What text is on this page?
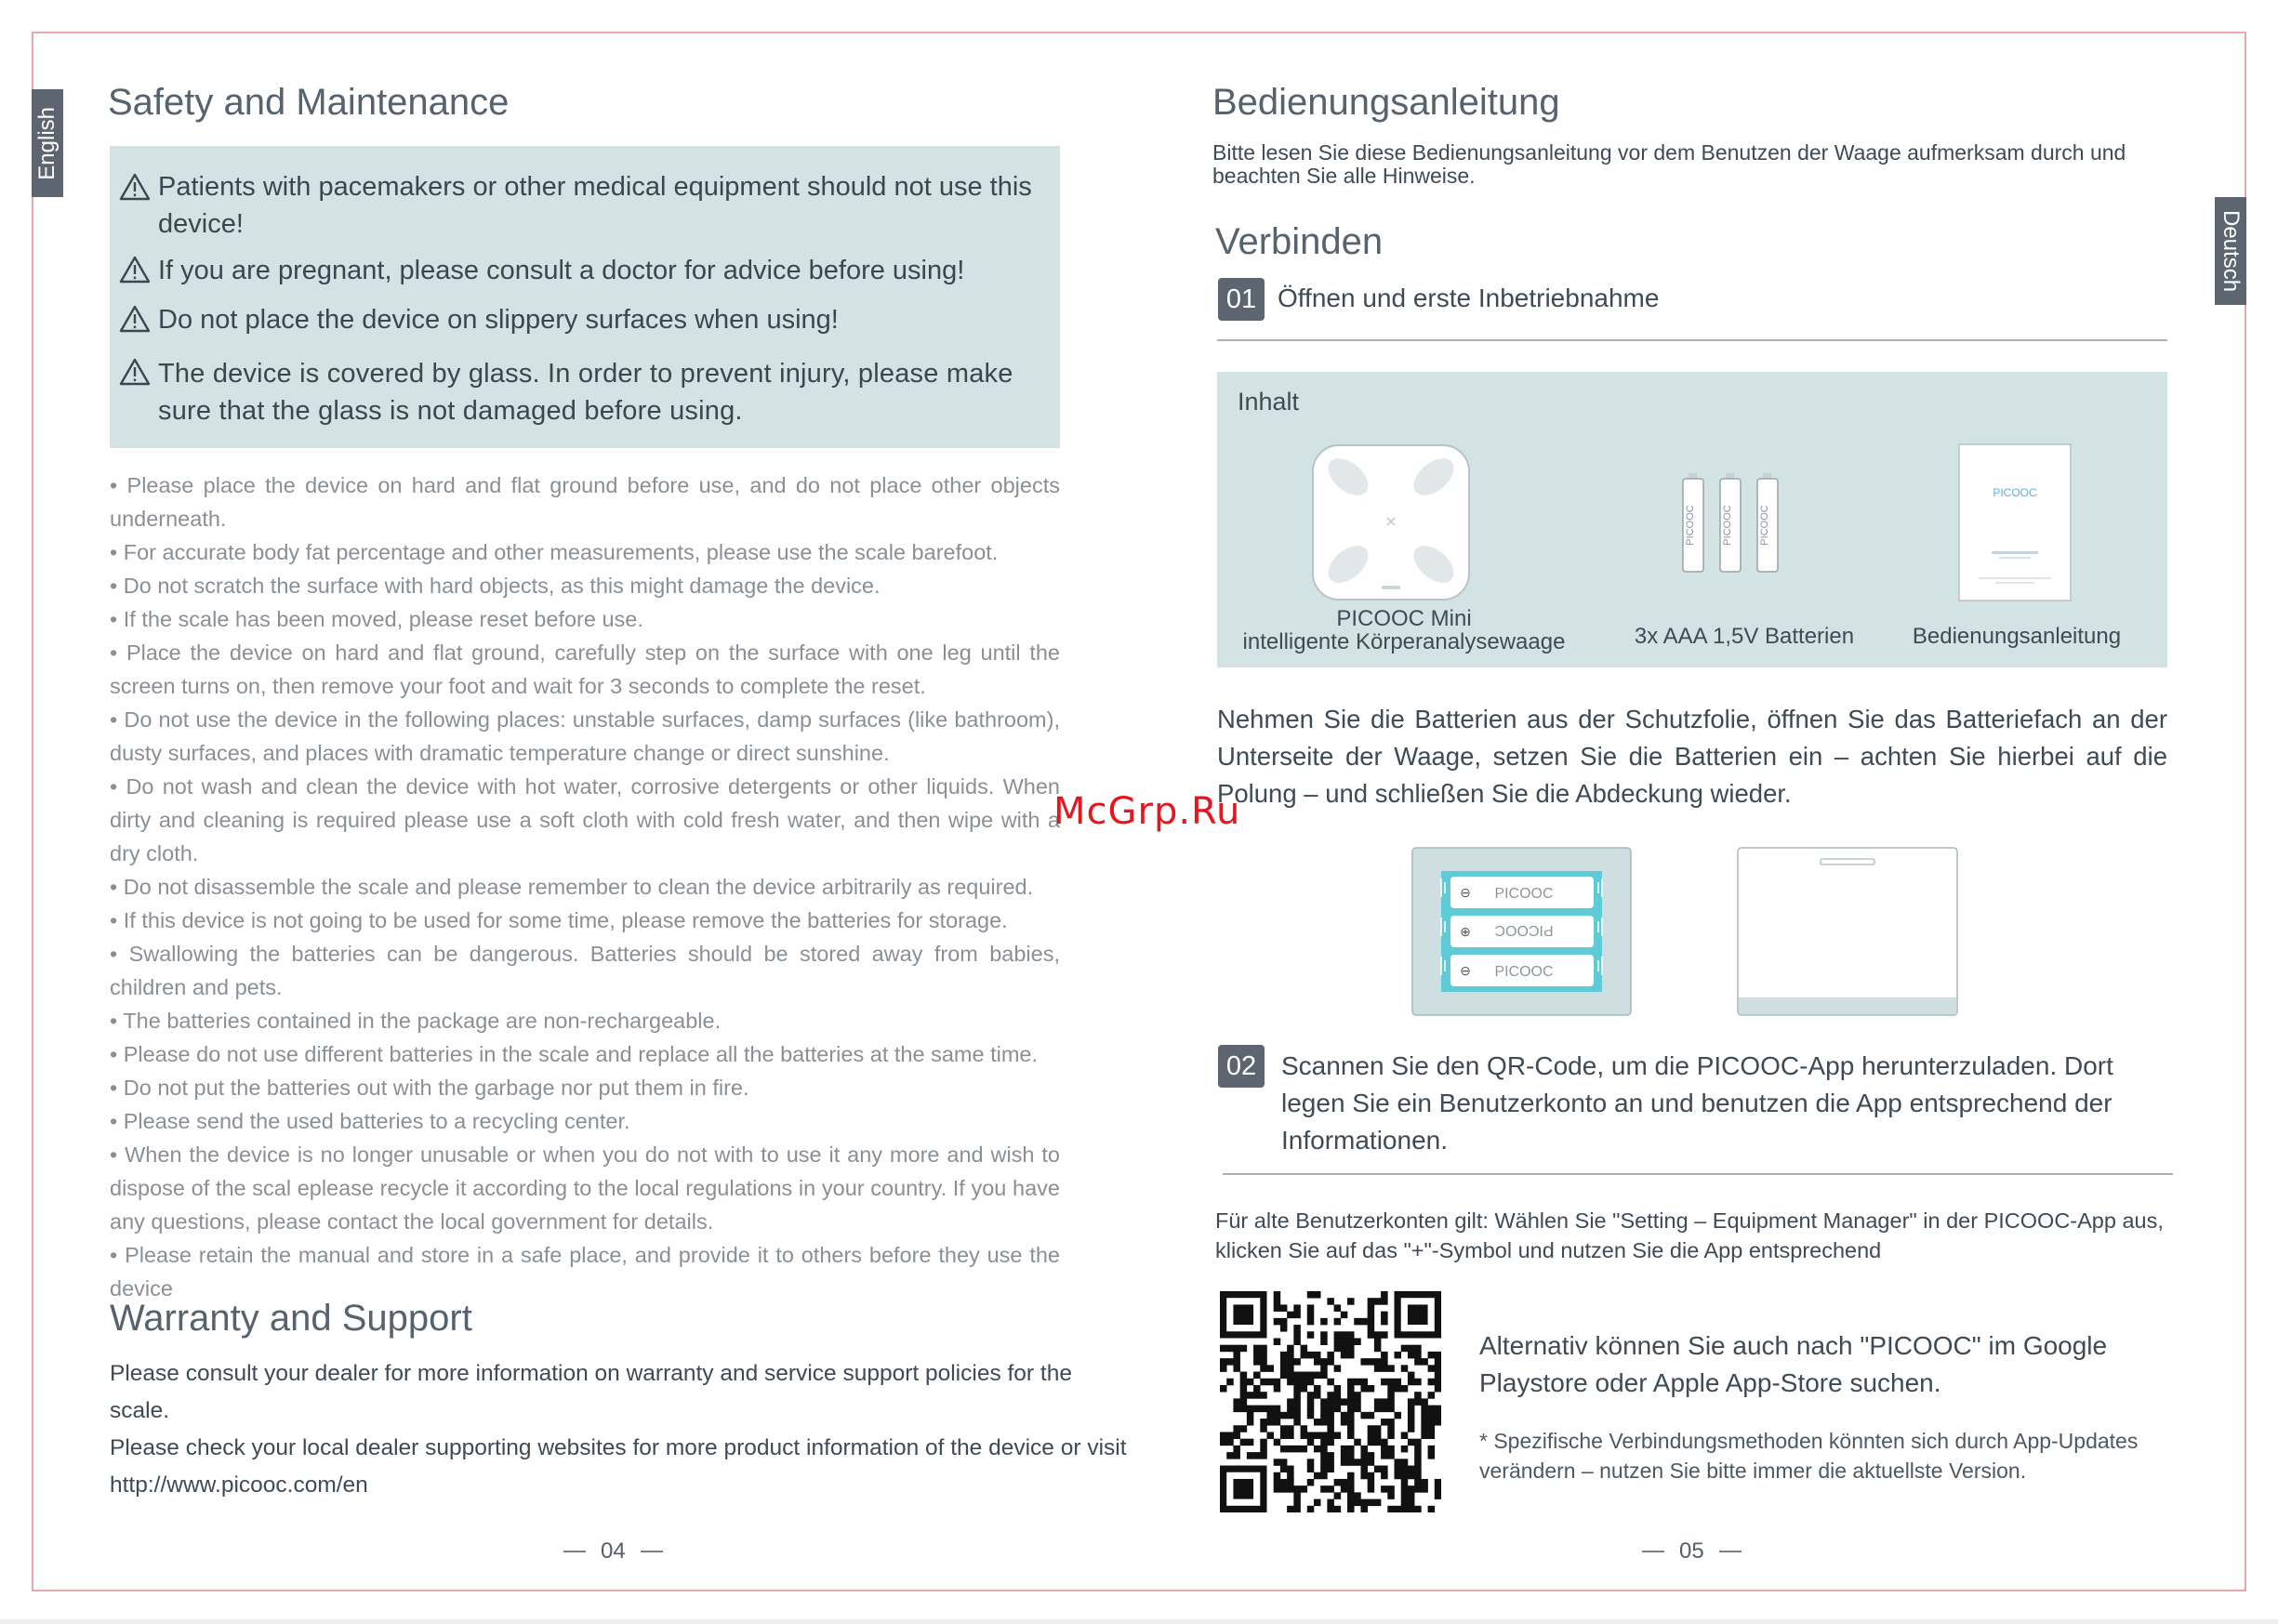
English
Safety and Maintenance
Patients with pacemakers or other medical equipment should not use this device!
If you are pregnant, please consult a doctor for advice before using!
Do not place the device on slippery surfaces when using!
The device is covered by glass. In order to prevent injury, please make sure that the glass is not damaged before using.

• Please place the device on hard and flat ground before use, and do not place other objects underneath.

• For accurate body fat percentage and other measurements, please use the scale barefoot.

• Do not scratch the surface with hard objects, as this might damage the device.

• If the scale has been moved, please reset before use.

• Place the device on hard and flat ground, carefully step on the surface with one leg until the screen turns on, then remove your foot and wait for 3 seconds to complete the reset.

• Do not use the device in the following places: unstable surfaces, damp surfaces (like bathroom), dusty surfaces, and places with dramatic temperature change or direct sunshine.

• Do not wash and clean the device with hot water, corrosive detergents or other liquids. When dirty and cleaning is required please use a soft cloth with cold fresh water, and then wipe with a dry cloth.

• Do not disassemble the scale and please remember to clean the device arbitrarily as required.

• If this device is not going to be used for some time, please remove the batteries for storage.

• Swallowing the batteries can be dangerous. Batteries should be stored away from babies, children and pets.

• The batteries contained in the package are non-rechargeable.

• Please do not use different batteries in the scale and replace all the batteries at the same time.

• Do not put the batteries out with the garbage nor put them in fire.

• Please send the used batteries to a recycling center.

• When the device is no longer unusable or when you do not with to use it any more and wish to dispose of the scal eplease recycle it according to the local regulations in your country. If you have any questions, please contact the local government for details.

• Please retain the manual and store in a safe place, and provide it to others before they use the device

Warranty and Support

Please consult your dealer for more information on warranty and service support policies for the scale.

Please check your local dealer supporting websites for more product information of the device or visit http://www.picooc.com/en

04
Deutsch
Bedienungsanleitung
Bitte lesen Sie diese Bedienungsanleitung vor dem Benutzen der Waage aufmerksam durch und beachten Sie alle Hinweise.
Verbinden
01 Öffnen und erste Inbetriebnahme
Inhalt
PICOOC	PICOOC	PICOOC
PICOOC
PICOOC Mini
intelligente Körperanalysewaage	3x AAA 1,5V Batterien	Bedienungsanleitung
Nehmen Sie die Batterien aus der Schutzfolie, öffnen Sie das Batteriefach an der Unterseite der Waage, setzen Sie die Batterien ein – achten Sie hierbei auf die Polung – und schließen Sie die Abdeckung wieder.
⊖
⊕
⊖
PICOOC
PICOOC
PICOOC
02 Scannen Sie den QR-Code, um die PICOOC-App herunterzuladen. Dort legen Sie ein Benutzerkonto an und benutzen die App entsprechend der Informationen.
Für alte Benutzerkonten gilt: Wählen Sie "Setting – Equipment Manager" in der PICOOC-App aus, klicken Sie auf das "+"-Symbol und nutzen Sie die App entsprechend
Alternativ können Sie auch nach "PICOOC" im Google Playstore oder Apple App-Store suchen.
* Spezifische Verbindungsmethoden könnten sich durch App-Updates verändern – nutzen Sie bitte immer die aktuellste Version.
05
McGrp.Ru
